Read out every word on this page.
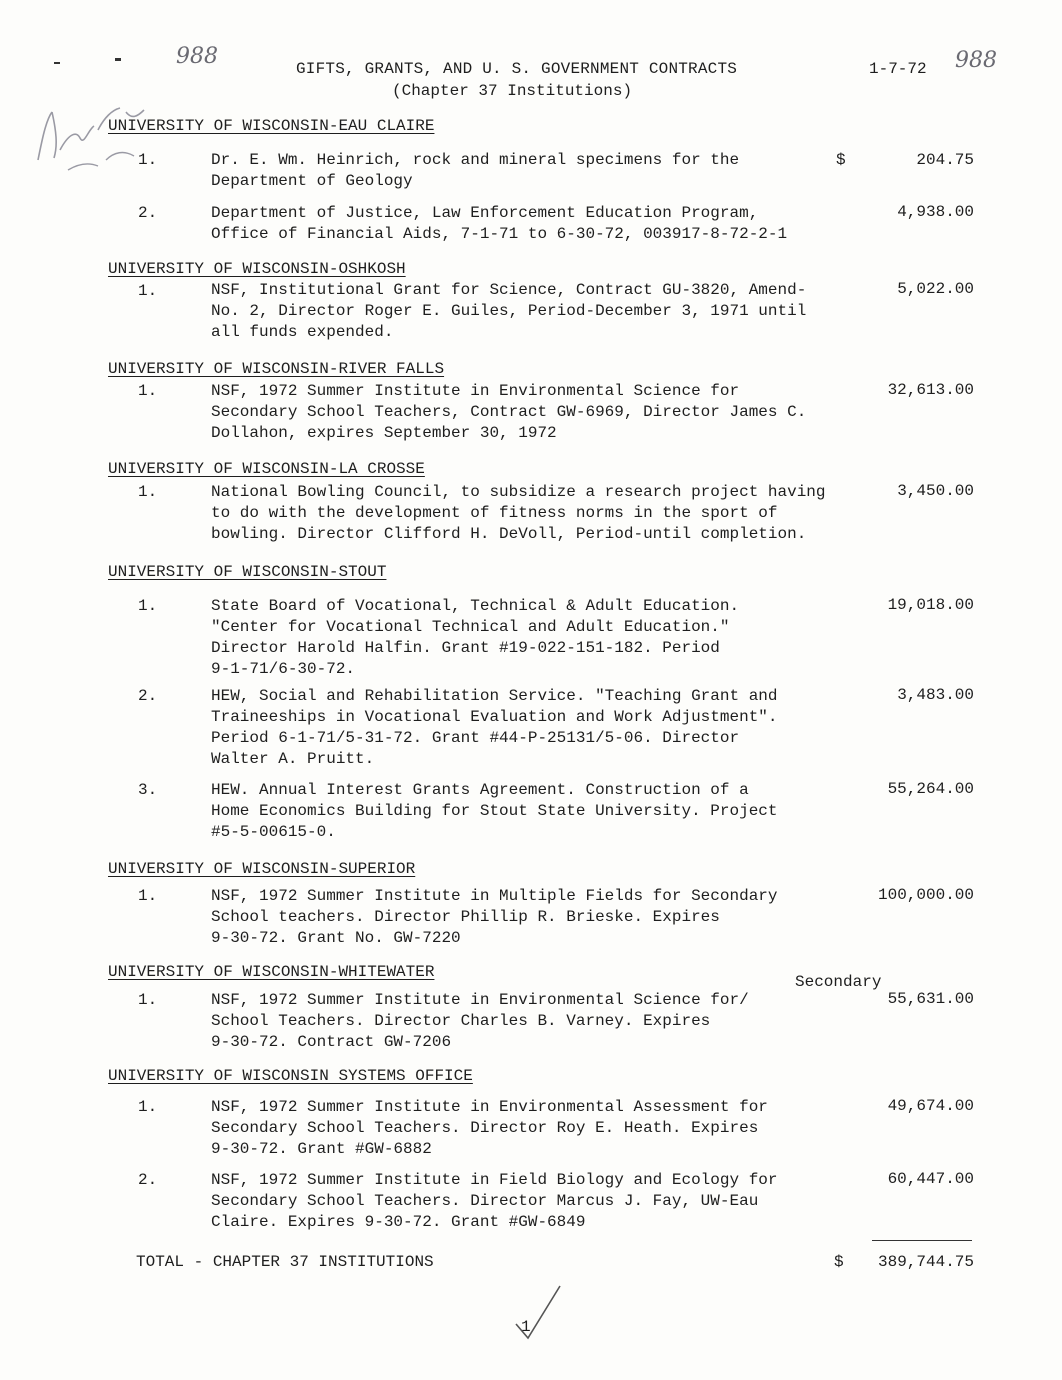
988	988
GIFTS, GRANTS, AND U. S. GOVERNMENT CONTRACTS
(Chapter 37 Institutions)
1-7-72
UNIVERSITY OF WISCONSIN-EAU CLAIRE
1.	Dr. E. Wm. Heinrich, rock and mineral specimens for the
Department of Geology
$	204.75
2.	Department of Justice, Law Enforcement Education Program,
Office of Financial Aids, 7-1-71 to 6-30-72, 003917-8-72-2-1
4,938.00
UNIVERSITY OF WISCONSIN-OSHKOSH
1.	NSF, Institutional Grant for Science, Contract GU-3820, Amend-
No. 2, Director Roger E. Guiles, Period-December 3, 1971 until
all funds expended.
5,022.00
UNIVERSITY OF WISCONSIN-RIVER FALLS
1.	NSF, 1972 Summer Institute in Environmental Science for
Secondary School Teachers, Contract GW-6969, Director James C.
Dollahon, expires September 30, 1972
32,613.00
UNIVERSITY OF WISCONSIN-LA CROSSE
1.	National Bowling Council, to subsidize a research project having
to do with the development of fitness norms in the sport of
bowling. Director Clifford H. DeVoll, Period-until completion.
3,450.00
UNIVERSITY OF WISCONSIN-STOUT
1.	State Board of Vocational, Technical & Adult Education.
"Center for Vocational Technical and Adult Education."
Director Harold Halfin. Grant #19-022-151-182. Period
9-1-71/6-30-72.
19,018.00
2.	HEW, Social and Rehabilitation Service. "Teaching Grant and
Traineeships in Vocational Evaluation and Work Adjustment".
Period 6-1-71/5-31-72. Grant #44-P-25131/5-06. Director
Walter A. Pruitt.
3,483.00
3.	HEW. Annual Interest Grants Agreement. Construction of a
Home Economics Building for Stout State University. Project
#5-5-00615-0.
55,264.00
UNIVERSITY OF WISCONSIN-SUPERIOR
1.	NSF, 1972 Summer Institute in Multiple Fields for Secondary
School teachers. Director Phillip R. Brieske. Expires
9-30-72. Grant No. GW-7220
100,000.00
UNIVERSITY OF WISCONSIN-WHITEWATER
Secondary
1.	NSF, 1972 Summer Institute in Environmental Science for/
School Teachers. Director Charles B. Varney. Expires
9-30-72. Contract GW-7206
55,631.00
UNIVERSITY OF WISCONSIN SYSTEMS OFFICE
1.	NSF, 1972 Summer Institute in Environmental Assessment for
Secondary School Teachers. Director Roy E. Heath. Expires
9-30-72. Grant #GW-6882
49,674.00
2.	NSF, 1972 Summer Institute in Field Biology and Ecology for
Secondary School Teachers. Director Marcus J. Fay, UW-Eau
Claire. Expires 9-30-72. Grant #GW-6849
60,447.00
TOTAL - CHAPTER 37 INSTITUTIONS	$ 389,744.75
1
